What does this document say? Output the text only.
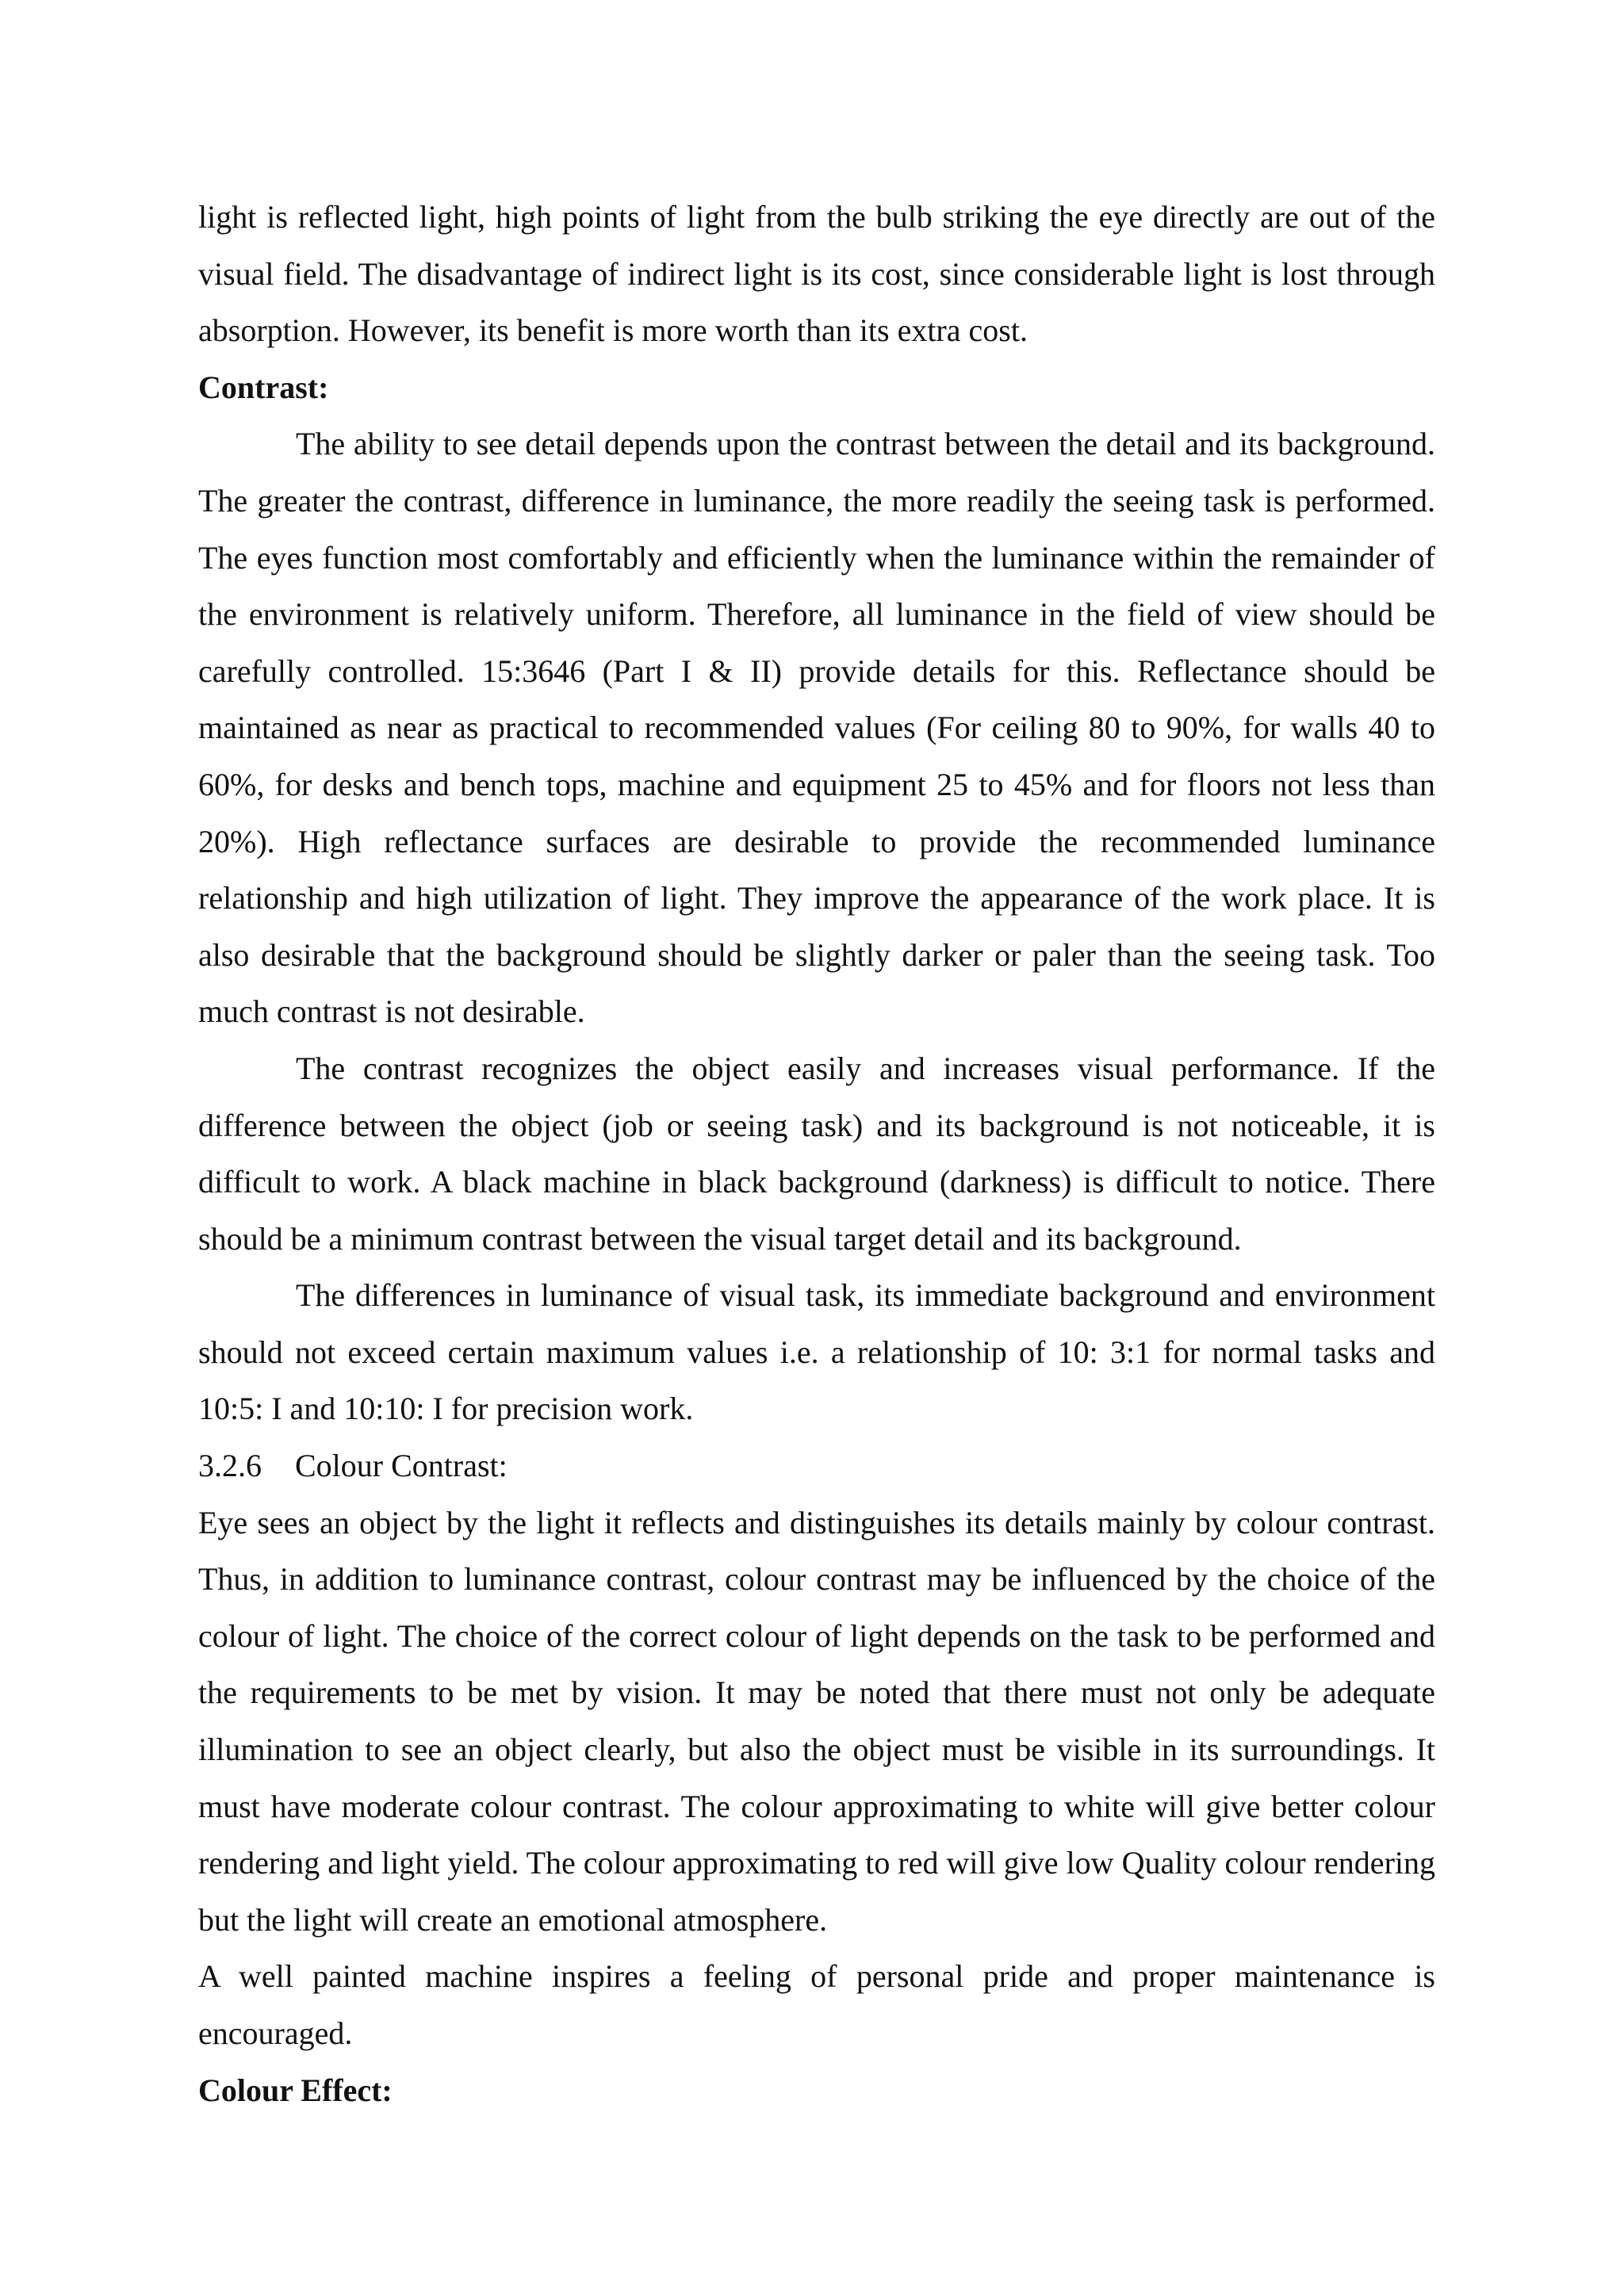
light is reflected light, high points of light from the bulb striking the eye directly are out of the visual field. The disadvantage of indirect light is its cost, since considerable light is lost through absorption. However, its benefit is more worth than its extra cost.

Contrast:

The ability to see detail depends upon the contrast between the detail and its background. The greater the contrast, difference in luminance, the more readily the seeing task is performed. The eyes function most comfortably and efficiently when the luminance within the remainder of the environment is relatively uniform. Therefore, all luminance in the field of view should be carefully controlled. 15:3646 (Part I & II) provide details for this. Reflectance should be maintained as near as practical to recommended values (For ceiling 80 to 90%, for walls 40 to 60%, for desks and bench tops, machine and equipment 25 to 45% and for floors not less than 20%). High reflectance surfaces are desirable to provide the recommended luminance relationship and high utilization of light. They improve the appearance of the work place. It is also desirable that the background should be slightly darker or paler than the seeing task. Too much contrast is not desirable.

The contrast recognizes the object easily and increases visual performance. If the difference between the object (job or seeing task) and its background is not noticeable, it is difficult to work. A black machine in black background (darkness) is difficult to notice. There should be a minimum contrast between the visual target detail and its background.

The differences in luminance of visual task, its immediate background and environment should not exceed certain maximum values i.e. a relationship of 10: 3:1 for normal tasks and 10:5: I and 10:10: I for precision work.

3.2.6 Colour Contrast:

Eye sees an object by the light it reflects and distinguishes its details mainly by colour contrast. Thus, in addition to luminance contrast, colour contrast may be influenced by the choice of the colour of light. The choice of the correct colour of light depends on the task to be performed and the requirements to be met by vision. It may be noted that there must not only be adequate illumination to see an object clearly, but also the object must be visible in its surroundings. It must have moderate colour contrast. The colour approximating to white will give better colour rendering and light yield. The colour approximating to red will give low Quality colour rendering but the light will create an emotional atmosphere.

A well painted machine inspires a feeling of personal pride and proper maintenance is encouraged.

Colour Effect:
